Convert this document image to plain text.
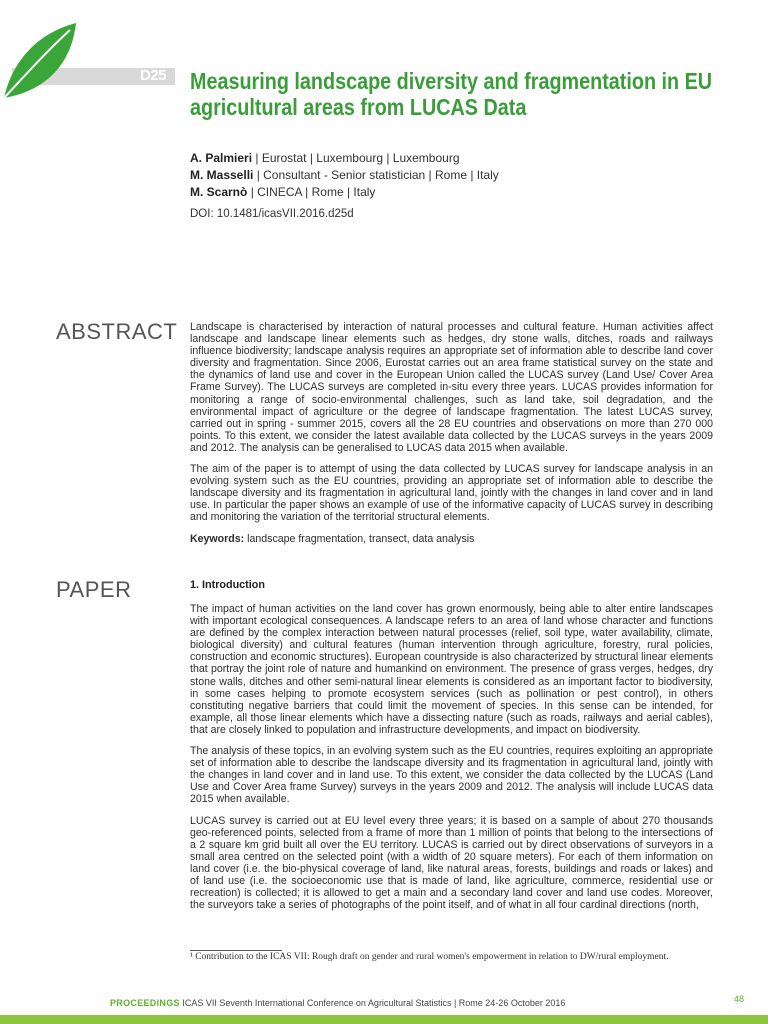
D25 Measuring landscape diversity and fragmentation in EU agricultural areas from LUCAS Data
A. Palmieri | Eurostat | Luxembourg | Luxembourg
M. Masselli | Consultant - Senior statistician | Rome | Italy
M. Scarnò | CINECA | Rome | Italy
DOI: 10.1481/icasVII.2016.d25d
ABSTRACT Landscape is characterised by interaction of natural processes and cultural feature. Human activities affect landscape and landscape linear elements such as hedges, dry stone walls, ditches, roads and railways influence biodiversity; landscape analysis requires an appropriate set of information able to describe land cover diversity and fragmentation. Since 2006, Eurostat carries out an area frame statistical survey on the state and the dynamics of land use and cover in the European Union called the LUCAS survey (Land Use/ Cover Area Frame Survey). The LUCAS surveys are completed in-situ every three years. LUCAS provides information for monitoring a range of socio-environmental challenges, such as land take, soil degradation, and the environmental impact of agriculture or the degree of landscape fragmentation. The latest LUCAS survey, carried out in spring - summer 2015, covers all the 28 EU countries and observations on more than 270 000 points. To this extent, we consider the latest available data collected by the LUCAS surveys in the years 2009 and 2012. The analysis can be generalised to LUCAS data 2015 when available.

The aim of the paper is to attempt of using the data collected by LUCAS survey for landscape analysis in an evolving system such as the EU countries, providing an appropriate set of information able to describe the landscape diversity and its fragmentation in agricultural land, jointly with the changes in land cover and in land use. In particular the paper shows an example of use of the informative capacity of LUCAS survey in describing and monitoring the variation of the territorial structural elements.

Keywords: landscape fragmentation, transect, data analysis

PAPER	1. Introduction

The impact of human activities on the land cover has grown enormously, being able to alter entire landscapes with important ecological consequences. A landscape refers to an area of land whose character and functions are defined by the complex interaction between natural processes (relief, soil type, water availability, climate, biological diversity) and cultural features (human intervention through agriculture, forestry, rural policies, construction and economic structures). European countryside is also characterized by structural linear elements that portray the joint role of nature and humankind on environment. The presence of grass verges, hedges, dry stone walls, ditches and other semi-natural linear elements is considered as an important factor to biodiversity, in some cases helping to promote ecosystem services (such as pollination or pest control), in others constituting negative barriers that could limit the movement of species. In this sense can be intended, for example, all those linear elements which have a dissecting nature (such as roads, railways and aerial cables), that are closely linked to population and infrastructure developments, and impact on biodiversity.

The analysis of these topics, in an evolving system such as the EU countries, requires exploiting an appropriate set of information able to describe the landscape diversity and its fragmentation in agricultural land, jointly with the changes in land cover and in land use. To this extent, we consider the data collected by the LUCAS (Land Use and Cover Area frame Survey) surveys in the years 2009 and 2012. The analysis will include LUCAS data 2015 when available.

LUCAS survey is carried out at EU level every three years; it is based on a sample of about 270 thousands geo-referenced points, selected from a frame of more than 1 million of points that belong to the intersections of a 2 square km grid built all over the EU territory. LUCAS is carried out by direct observations of surveyors in a small area centred on the selected point (with a width of 20 square meters). For each of them information on land cover (i.e. the bio-physical coverage of land, like natural areas, forests, buildings and roads or lakes) and of land use (i.e. the socioeconomic use that is made of land, like agriculture, commerce, residential use or recreation) is collected; it is allowed to get a main and a secondary land cover and land use codes. Moreover, the surveyors take a series of photographs of the point itself, and of what in all four cardinal directions (north,

¹ Contribution to the ICAS VII: Rough draft on gender and rural women's empowerment in relation to DW/rural employment.
PROCEEDINGS ICAS VII Seventh International Conference on Agricultural Statistics | Rome 24-26 October 2016	48
